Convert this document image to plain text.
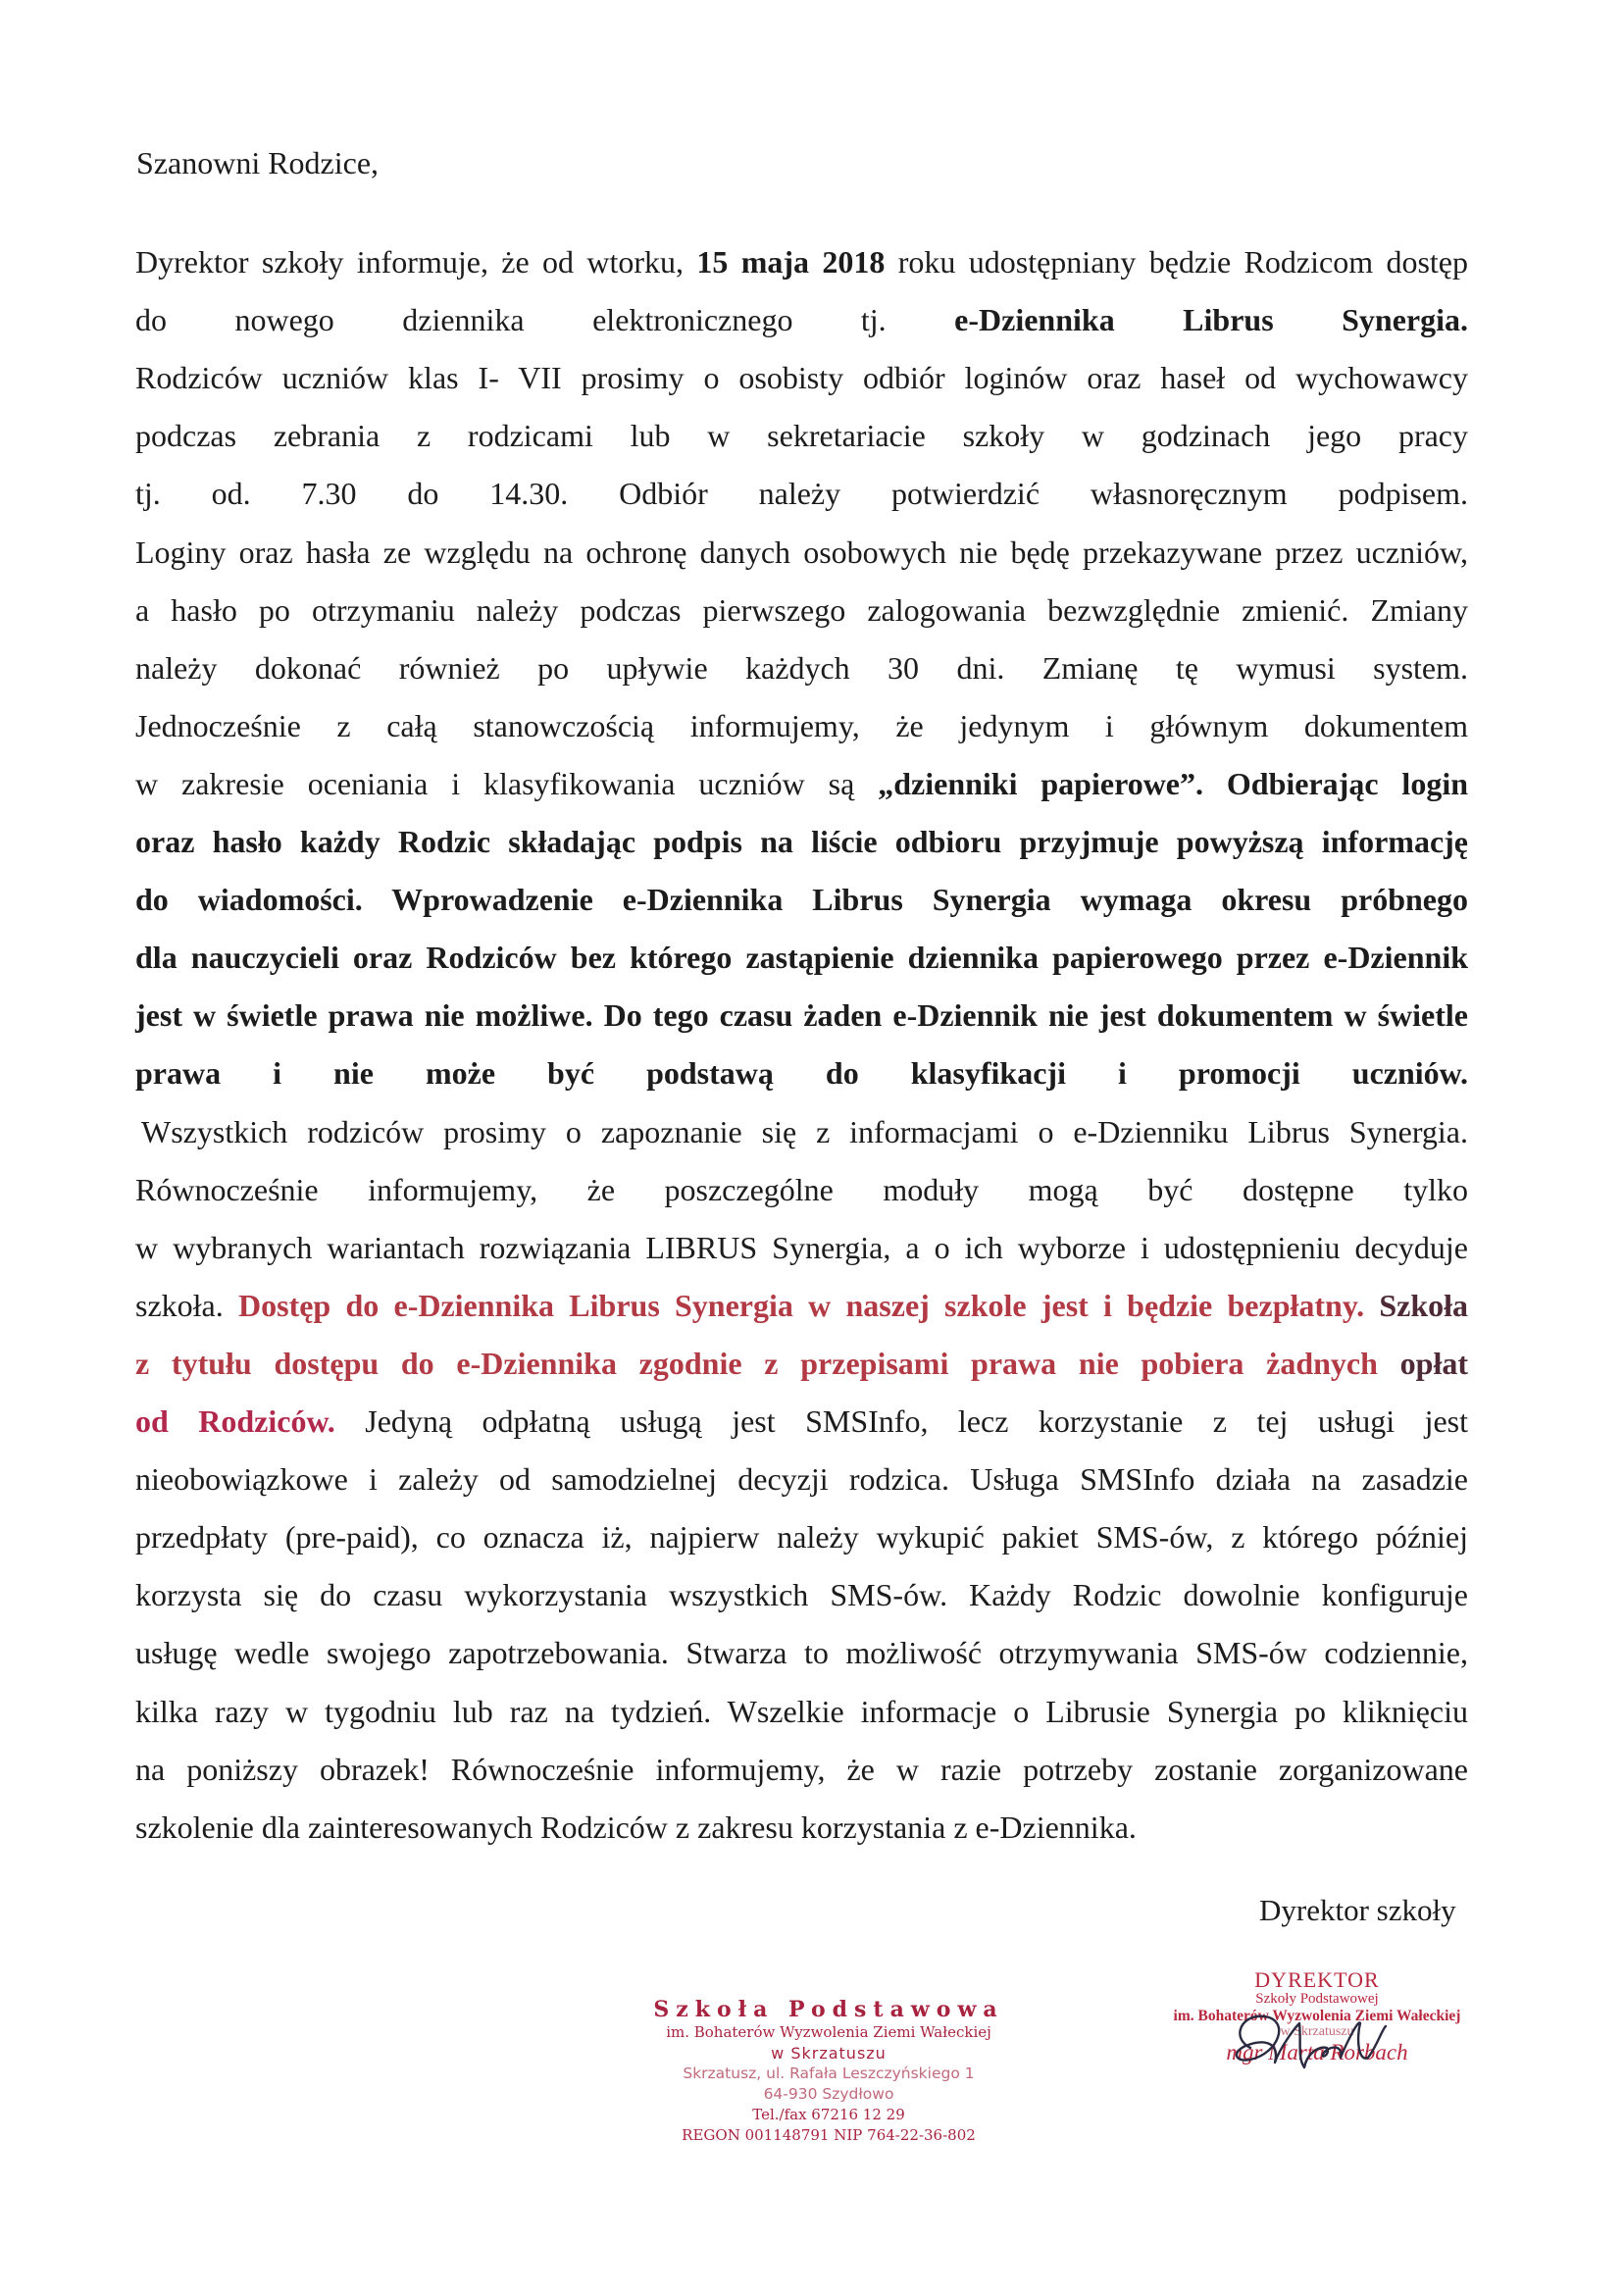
Szanowni Rodzice,
Dyrektor szkoły informuje, że od wtorku, 15 maja 2018 roku udostępniany będzie Rodzicom dostęp
do nowego dziennika elektronicznego tj. e-Dziennika Librus Synergia.
Rodziców uczniów klas I- VII prosimy o osobisty odbiór loginów oraz haseł od wychowawcy
podczas zebrania z rodzicami lub w sekretariacie szkoły w godzinach jego pracy
tj. od. 7.30 do 14.30. Odbiór należy potwierdzić własnoręcznym podpisem.
Loginy oraz hasła ze względu na ochronę danych osobowych nie będę przekazywane przez uczniów,
a hasło po otrzymaniu należy podczas pierwszego zalogowania bezwzględnie zmienić. Zmiany
należy dokonać również po upływie każdych 30 dni. Zmianę tę wymusi system.
Jednocześnie z całą stanowczością informujemy, że jedynym i głównym dokumentem
w zakresie oceniania i klasyfikowania uczniów są „dzienniki papierowe”. Odbierając login
oraz hasło każdy Rodzic składając podpis na liście odbioru przyjmuje powyższą informację
do wiadomości. Wprowadzenie e-Dziennika Librus Synergia wymaga okresu próbnego
dla nauczycieli oraz Rodziców bez którego zastąpienie dziennika papierowego przez e-Dziennik
jest w świetle prawa nie możliwe. Do tego czasu żaden e-Dziennik nie jest dokumentem w świetle
prawa i nie może być podstawą do klasyfikacji i promocji uczniów.
Wszystkich rodziców prosimy o zapoznanie się z informacjami o e-Dzienniku Librus Synergia.
Równocześnie informujemy, że poszczególne moduły mogą być dostępne tylko
w wybranych wariantach rozwiązania LIBRUS Synergia, a o ich wyborze i udostępnieniu decyduje
szkoła. Dostęp do e-Dziennika Librus Synergia w naszej szkole jest i będzie bezpłatny. Szkoła
z tytułu dostępu do e-Dziennika zgodnie z przepisami prawa nie pobiera żadnych opłat
od Rodziców. Jedyną odpłatną usługą jest SMSInfo, lecz korzystanie z tej usługi jest
nieobowiązkowe i zależy od samodzielnej decyzji rodzica. Usługa SMSInfo działa na zasadzie
przedpłaty (pre-paid), co oznacza iż, najpierw należy wykupić pakiet SMS-ów, z którego później
korzysta się do czasu wykorzystania wszystkich SMS-ów. Każdy Rodzic dowolnie konfiguruje
usługę wedle swojego zapotrzebowania. Stwarza to możliwość otrzymywania SMS-ów codziennie,
kilka razy w tygodniu lub raz na tydzień. Wszelkie informacje o Librusie Synergia po kliknięciu
na poniższy obrazek! Równocześnie informujemy, że w razie potrzeby zostanie zorganizowane
szkolenie dla zainteresowanych Rodziców z zakresu korzystania z e-Dziennika.
Dyrektor szkoły
Szkoła Podstawowa
im. Bohaterów Wyzwolenia Ziemi Wałeckiej
w Skrzatuszu
Skrzatusz, ul. Rafała Leszczyńskiego 1
64-930 Szydłowo
Tel./fax 67216 12 29
REGON 001148791 NIP 764-22-36-802
DYREKTOR
Szkoły Podstawowej
im. Bohaterów Wyzwolenia Ziemi Wałeckiej
w Skrzatuszu
mgr Marta Rorbach
